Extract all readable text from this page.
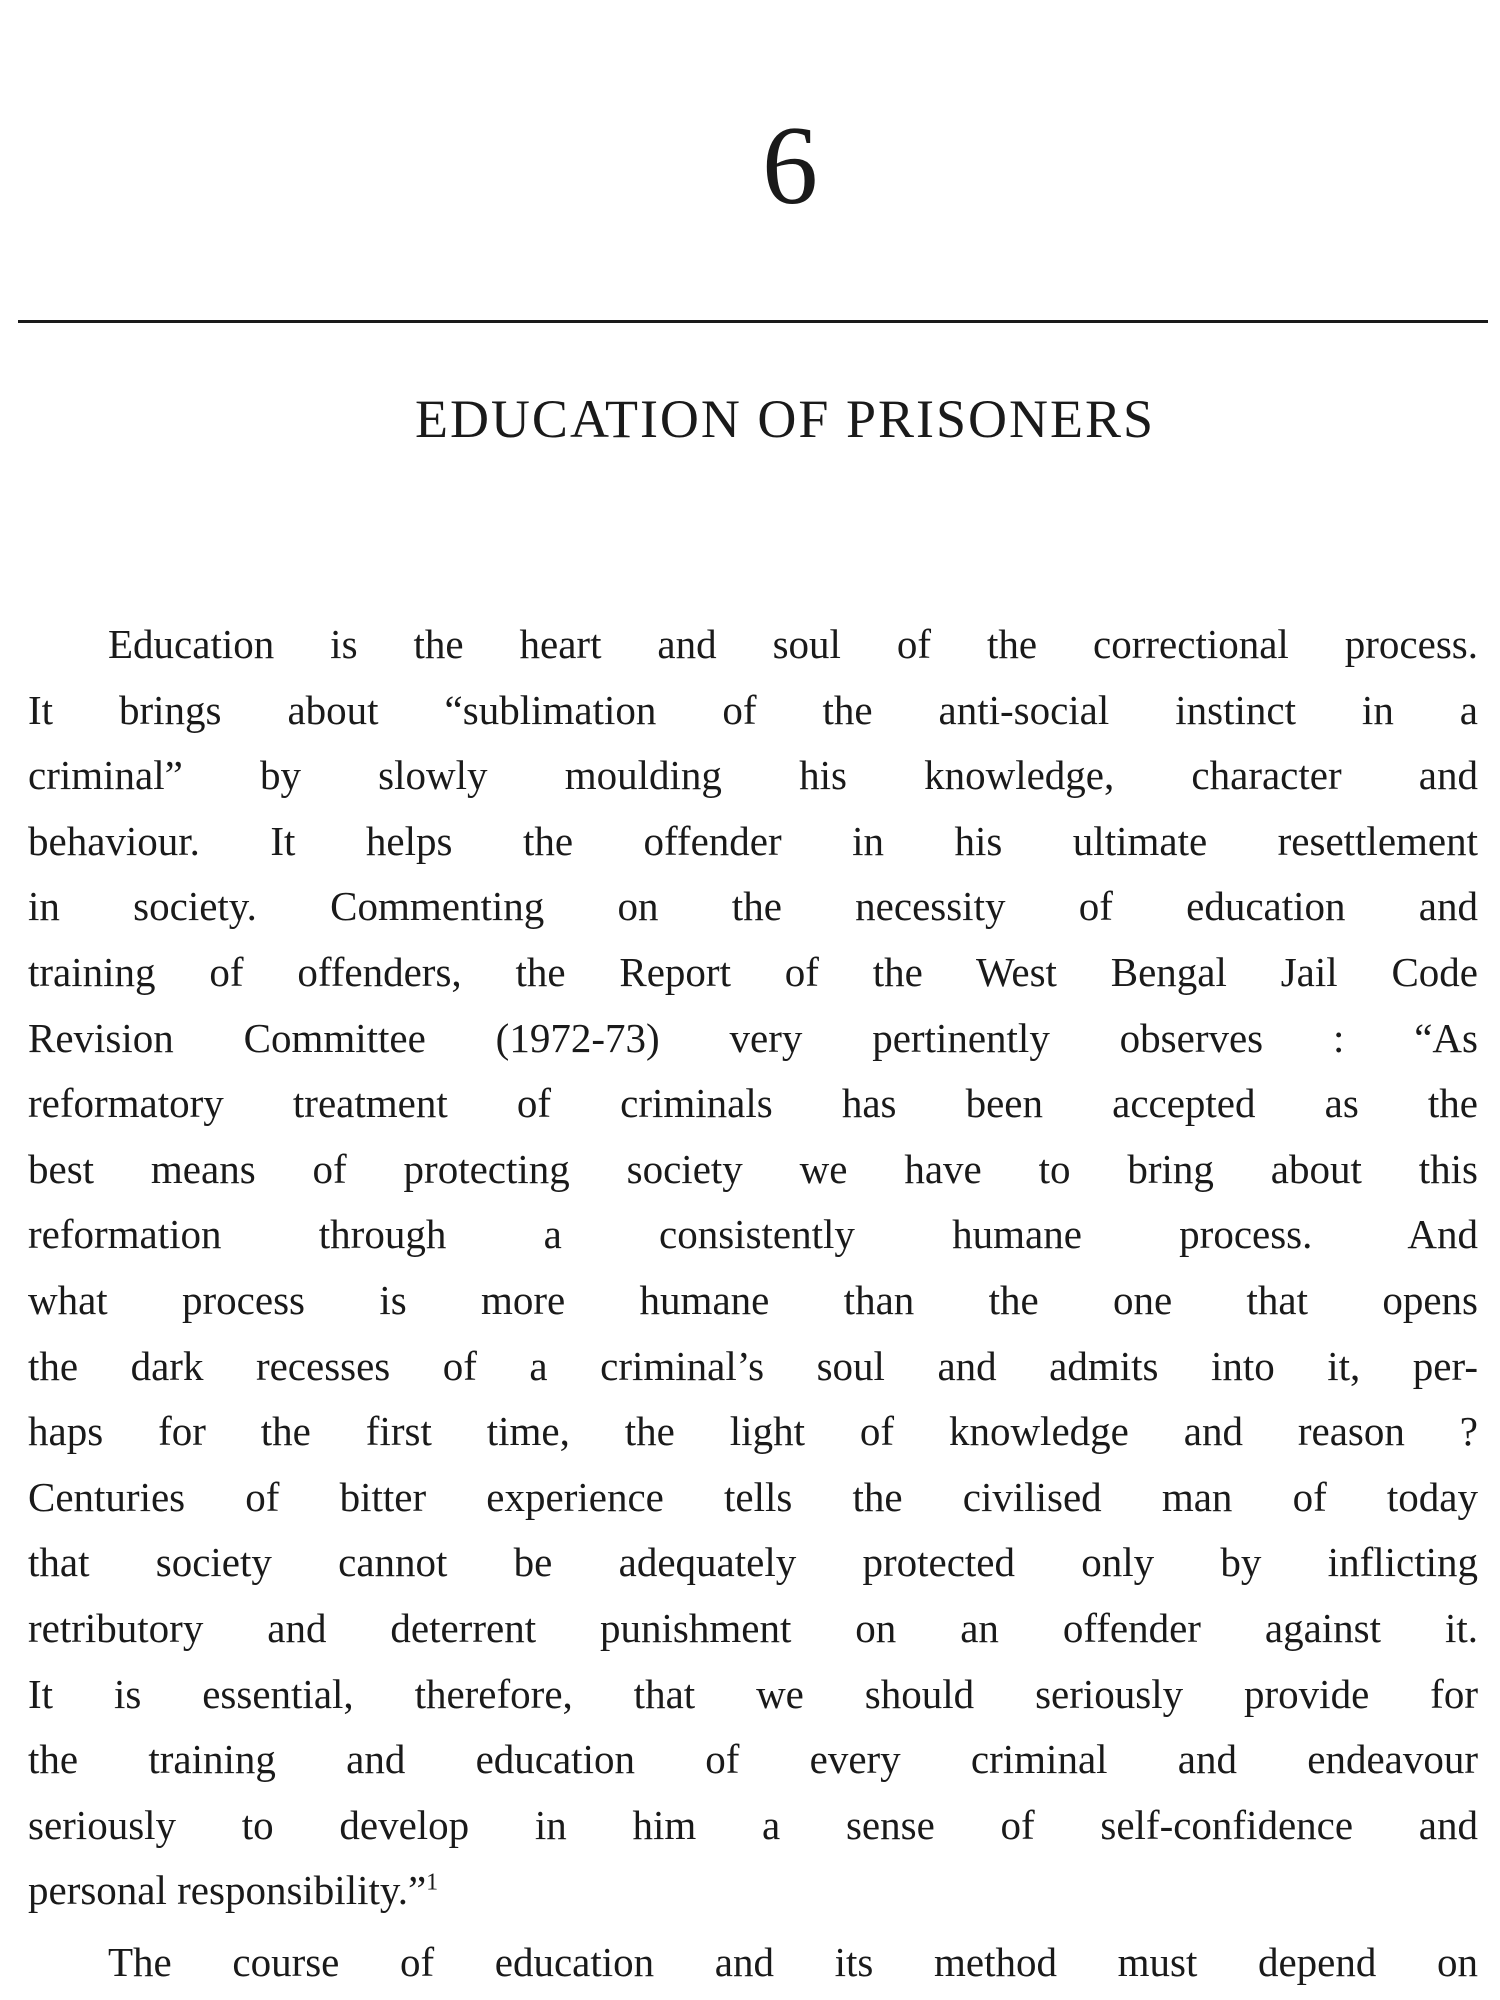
6
EDUCATION OF PRISONERS
Education is the heart and soul of the correctional process.
It brings about “sublimation of the anti-social instinct in a
criminal” by slowly moulding his knowledge, character and
behaviour. It helps the offender in his ultimate resettlement
in society. Commenting on the necessity of education and
training of offenders, the Report of the West Bengal Jail Code
Revision Committee (1972-73) very pertinently observes : “As
reformatory treatment of criminals has been accepted as the
best means of protecting society we have to bring about this
reformation through a consistently humane process. And
what process is more humane than the one that opens
the dark recesses of a criminal’s soul and admits into it, per-
haps for the first time, the light of knowledge and reason ?
Centuries of bitter experience tells the civilised man of today
that society cannot be adequately protected only by inflicting
retributory and deterrent punishment on an offender against it.
It is essential, therefore, that we should seriously provide for
the training and education of every criminal and endeavour
seriously to develop in him a sense of self-confidence and
personal responsibility.”$^1$
The course of education and its method must depend on
